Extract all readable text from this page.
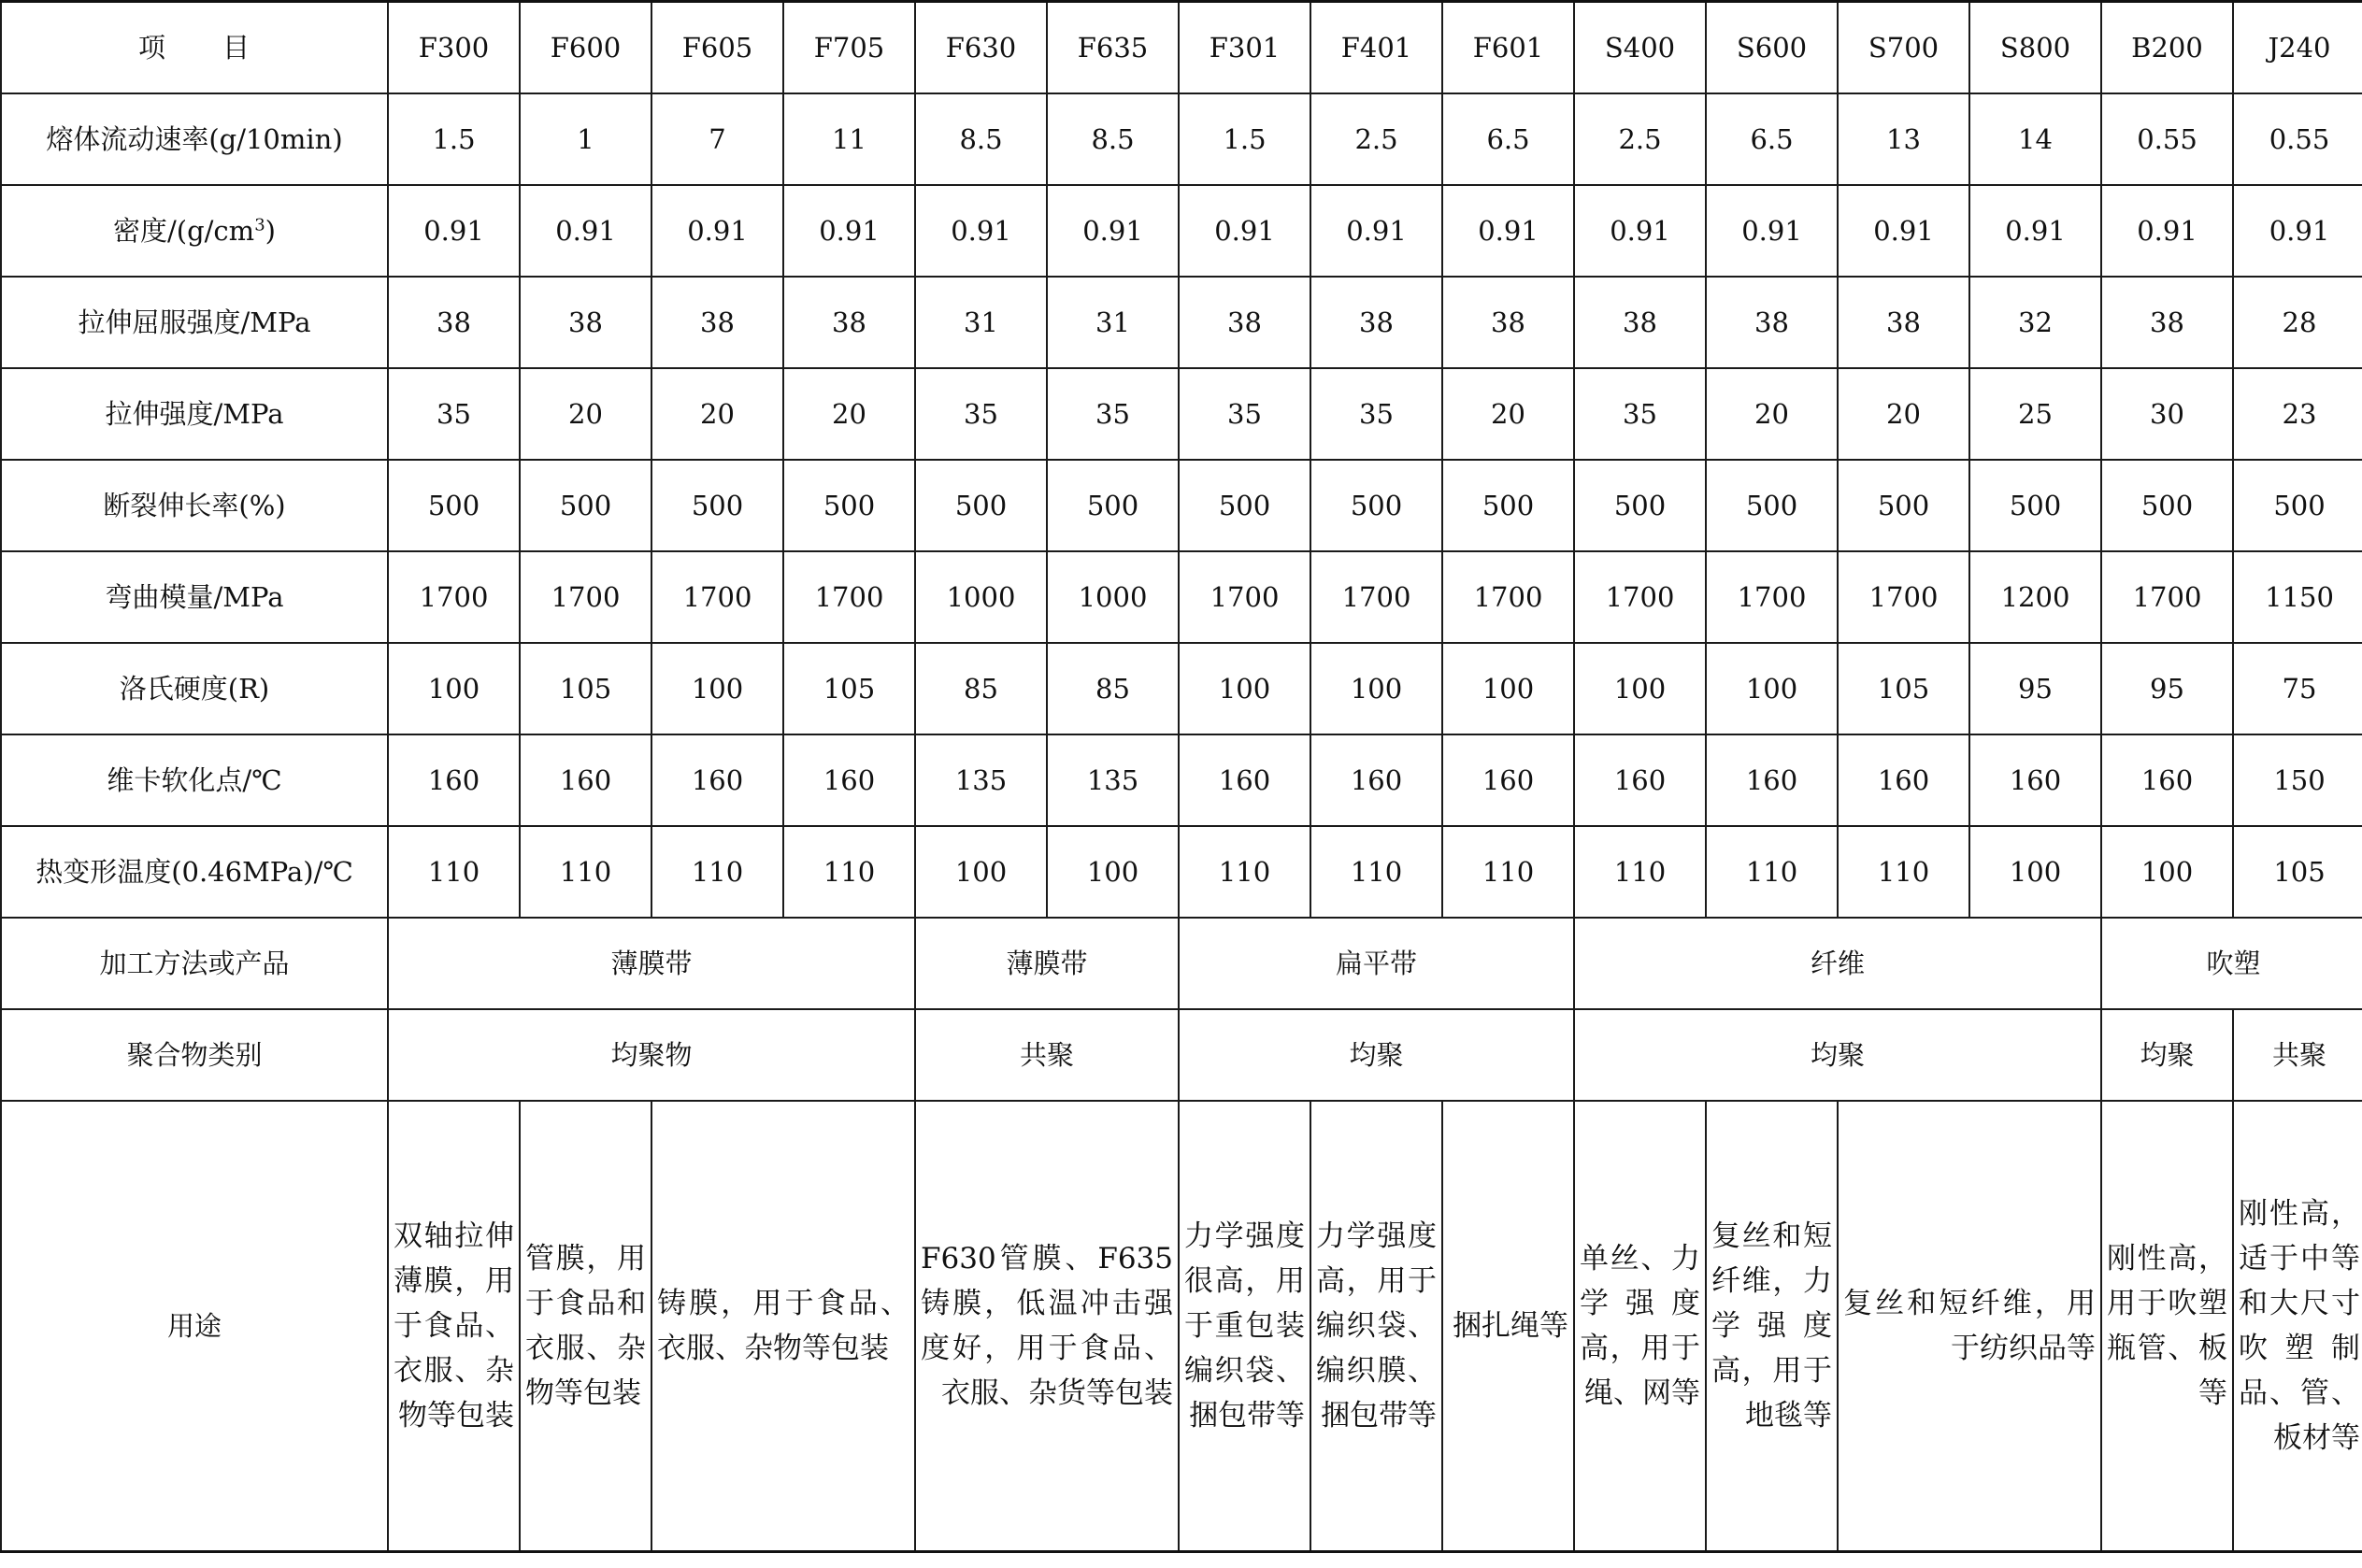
项　　目	F300	F600	F605	F705	F630	F635	F301	F401	F601	S400	S600	S700	S800	B200	J240
熔体流动速率(g/10min)	1.5	1	7	11	8.5	8.5	1.5	2.5	6.5	2.5	6.5	13	14	0.55	0.55
密度$/(g/cm^3)$	0.91	0.91	0.91	0.91	0.91	0.91	0.91	0.91	0.91	0.91	0.91	0.91	0.91	0.91	0.91
拉伸屈服强度/MPa	38	38	38	38	31	31	38	38	38	38	38	38	32	38	28
拉伸强度/MPa	35	20	20	20	35	35	35	35	20	35	20	20	25	30	23
断裂伸长率(%)	500	500	500	500	500	500	500	500	500	500	500	500	500	500	500
弯曲模量/MPa	1700	1700	1700	1700	1000	1000	1700	1700	1700	1700	1700	1700	1200	1700	1150
洛氏硬度(R)	100	105	100	105	85	85	100	100	100	100	100	105	95	95	75
维卡软化点/℃	160	160	160	160	135	135	160	160	160	160	160	160	160	160	150
热变形温度(0.46MPa)/℃	110	110	110	110	100	100	110	110	110	110	110	110	100	100	105
加工方法或产品	薄膜带				薄膜带		扁平带			纤维				吹塑	
聚合物类别	均聚物				共聚		均聚			均聚				均聚	共聚
用途	双轴拉伸薄膜，用于食品、衣服、杂物等包装	管膜，用于食品和衣服、杂物等包装	铸膜，用于食品、衣服、杂物等包装		F630管膜、F635铸膜，低温冲击强度好，用于食品、衣服、杂货等包装		力学强度很高，用于重包装编织袋、捆包带等	力学强度高，用于编织袋、编织膜、捆包带等	捆扎绳等	单丝、力学强度高，用于绳、网等	复丝和短纤维，力学强度高，用于地毯等	复丝和短纤维，用于纺织品等		刚性高，用于吹塑瓶管、板等	刚性高，适于中等和大尺寸吹塑制品、管、板材等
